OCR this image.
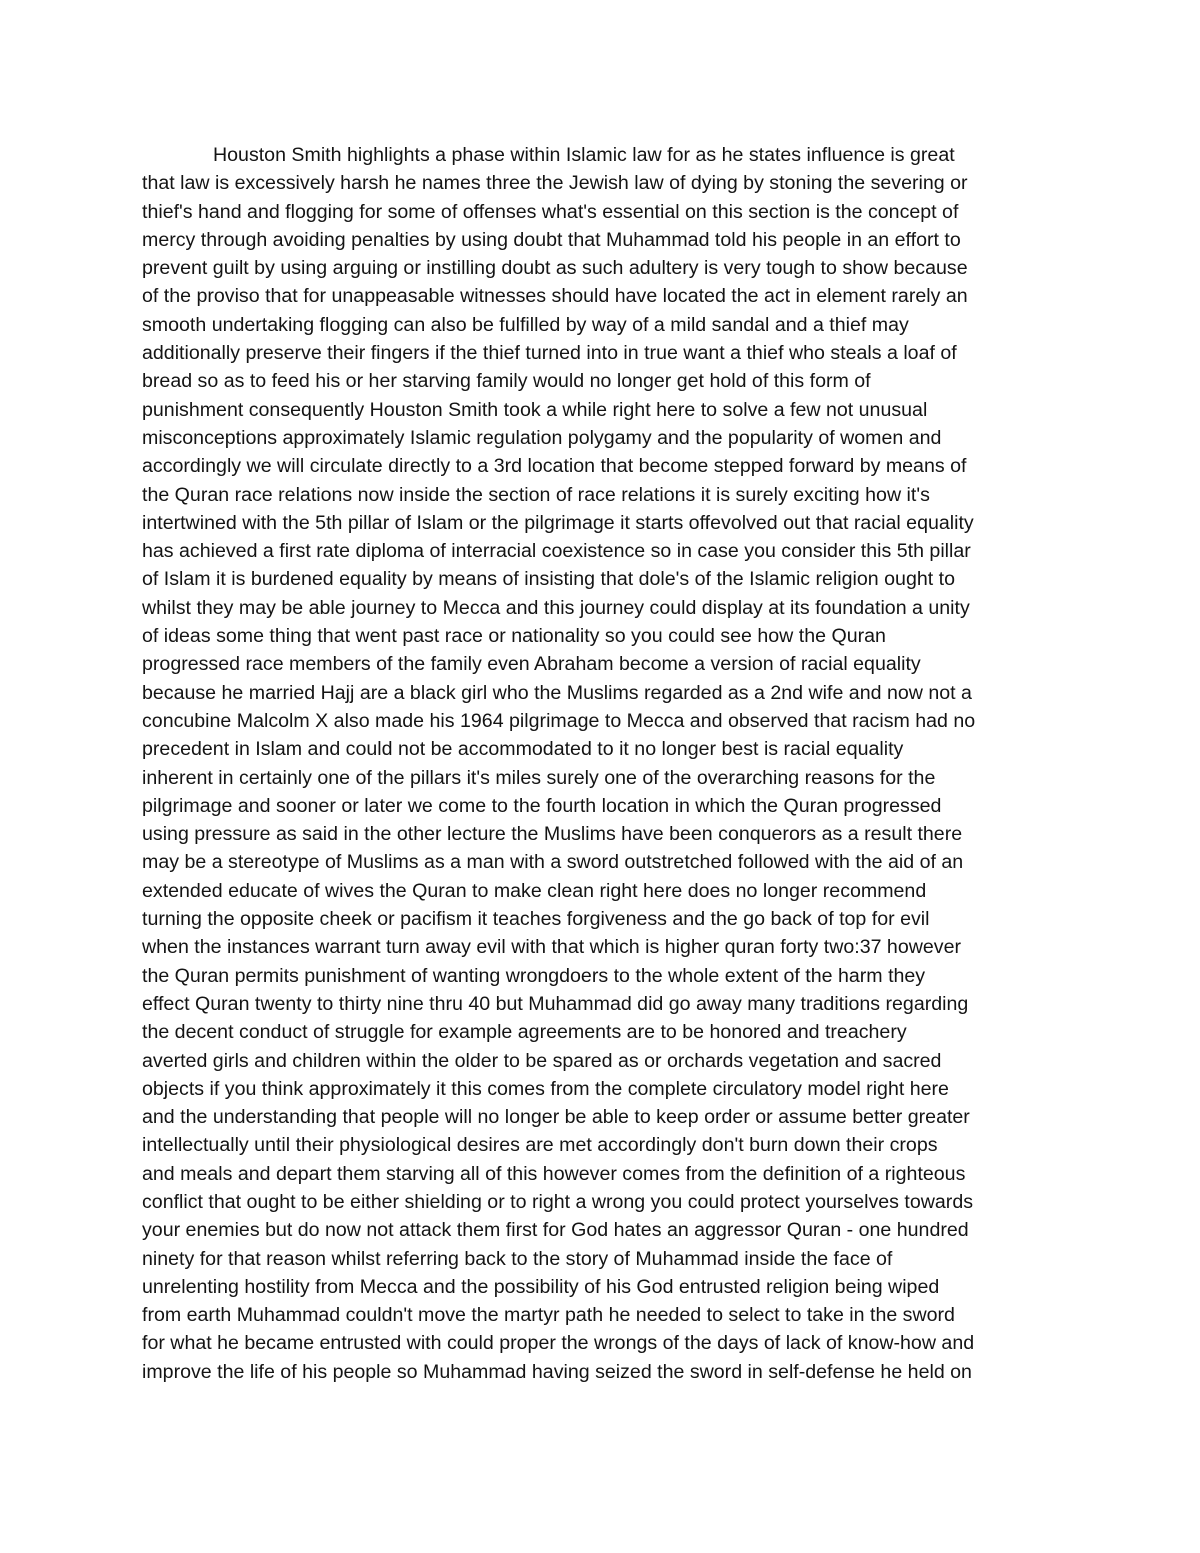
Houston Smith highlights a phase within Islamic law for as he states influence is great
that law is excessively harsh he names three the Jewish law of dying by stoning the severing or
thief's hand and flogging for some of offenses what's essential on this section is the concept of
mercy through avoiding penalties by using doubt that Muhammad told his people in an effort to
prevent guilt by using arguing or instilling doubt as such adultery is very tough to show because
of the proviso that for unappeasable witnesses should have located the act in element rarely an
smooth undertaking flogging can also be fulfilled by way of a mild sandal and a thief may
additionally preserve their fingers if the thief turned into in true want a thief who steals a loaf of
bread so as to feed his or her starving family would no longer get hold of this form of
punishment consequently Houston Smith took a while right here to solve a few not unusual
misconceptions approximately Islamic regulation polygamy and the popularity of women and
accordingly we will circulate directly to a 3rd location that become stepped forward by means of
the Quran race relations now inside the section of race relations it is surely exciting how it's
intertwined with the 5th pillar of Islam or the pilgrimage it starts offevolved out that racial equality
has achieved a first rate diploma of interracial coexistence so in case you consider this 5th pillar
of Islam it is burdened equality by means of insisting that dole's of the Islamic religion ought to
whilst they may be able journey to Mecca and this journey could display at its foundation a unity
of ideas some thing that went past race or nationality so you could see how the Quran
progressed race members of the family even Abraham become a version of racial equality
because he married Hajj are a black girl who the Muslims regarded as a 2nd wife and now not a
concubine Malcolm X also made his 1964 pilgrimage to Mecca and observed that racism had no
precedent in Islam and could not be accommodated to it no longer best is racial equality
inherent in certainly one of the pillars it's miles surely one of the overarching reasons for the
pilgrimage and sooner or later we come to the fourth location in which the Quran progressed
using pressure as said in the other lecture the Muslims have been conquerors as a result there
may be a stereotype of Muslims as a man with a sword outstretched followed with the aid of an
extended educate of wives the Quran to make clean right here does no longer recommend
turning the opposite cheek or pacifism it teaches forgiveness and the go back of top for evil
when the instances warrant turn away evil with that which is higher quran forty two:37 however
the Quran permits punishment of wanting wrongdoers to the whole extent of the harm they
effect Quran twenty to thirty nine thru 40 but Muhammad did go away many traditions regarding
the decent conduct of struggle for example agreements are to be honored and treachery
averted girls and children within the older to be spared as or orchards vegetation and sacred
objects if you think approximately it this comes from the complete circulatory model right here
and the understanding that people will no longer be able to keep order or assume better greater
intellectually until their physiological desires are met accordingly don't burn down their crops
and meals and depart them starving all of this however comes from the definition of a righteous
conflict that ought to be either shielding or to right a wrong you could protect yourselves towards
your enemies but do now not attack them first for God hates an aggressor Quran - one hundred
ninety for that reason whilst referring back to the story of Muhammad inside the face of
unrelenting hostility from Mecca and the possibility of his God entrusted religion being wiped
from earth Muhammad couldn't move the martyr path he needed to select to take in the sword
for what he became entrusted with could proper the wrongs of the days of lack of know-how and
improve the life of his people so Muhammad having seized the sword in self-defense he held on
